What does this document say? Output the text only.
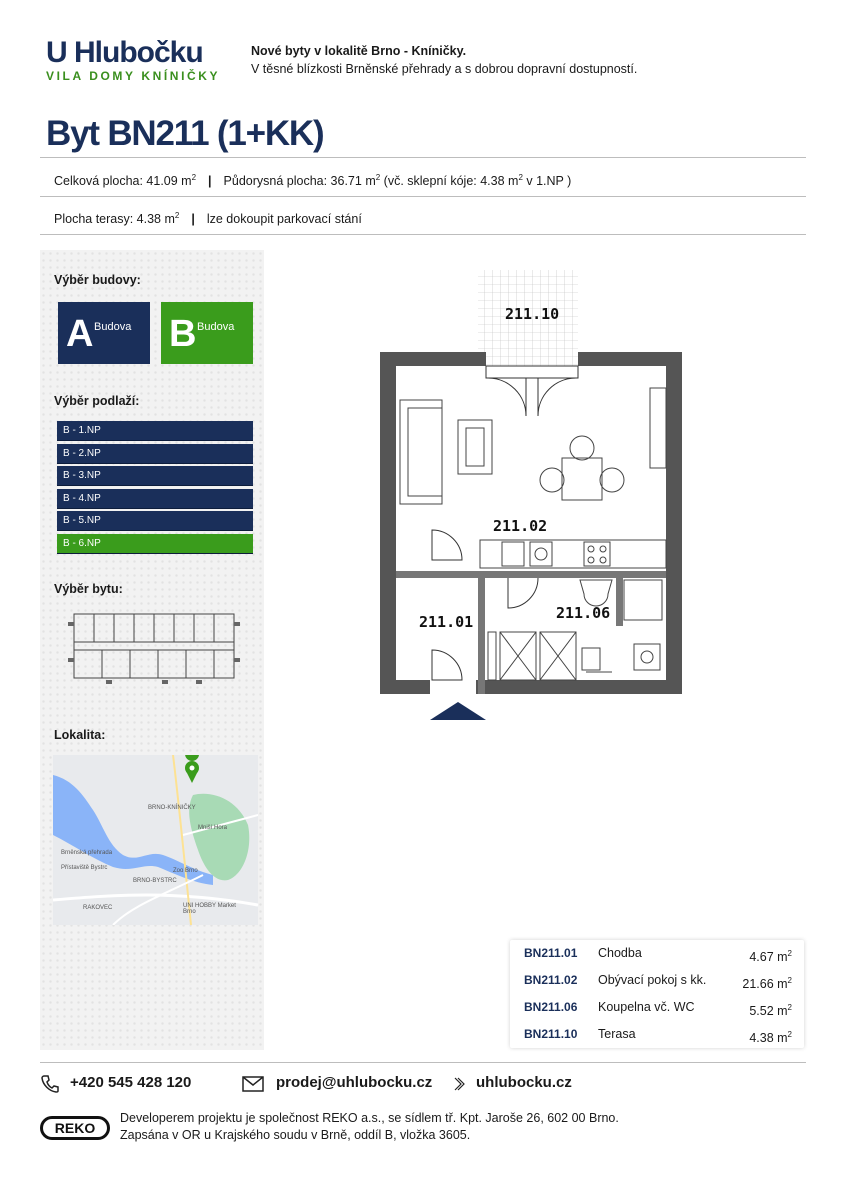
U Hlubočku
VILA DOMY KNÍNIČKY
Nové byty v lokalitě Brno - Kníničky.
V těsné blízkosti Brněnské přehrady a s dobrou dopravní dostupností.
Byt BN211 (1+KK)
Celková plocha: 41.09 $m^2$ | Půdorysná plocha: 36.71 $m^2$ (vč. sklepní kóje: 4.38 $m^2$ v 1.NP )
Plocha terasy: 4.38 $m^2$ | lze dokoupit parkovací stání
Výběr budovy:
A Budova B Budova
Výběr podlaží:
B - 1.NP
B - 2.NP
B - 3.NP
B - 4.NP
B - 5.NP
B - 6.NP
Výběr bytu:
Lokalita:
BRNO-KNÍNIČKY
Mniší Hora
Brněnská přehrada
Přístaviště Bystrc	Zoo Brno
BRNO-BYSTRC
RAKOVEC	UNI HOBBY Market Brno
211.10
211.02
211.01	211.06
BN211.01 Chodba	4.67 $m^2$
BN211.02 Obývací pokoj s kk.	21.66 $m^2$
BN211.06 Koupelna vč. WC	5.52 $m^2$
BN211.10 Terasa	4.38 $m^2$
+420 545 428 120	prodej@uhlubocku.cz	uhlubocku.cz
REKO
Developerem projektu je společnost REKO a.s., se sídlem tř. Kpt. Jaroše 26, 602 00 Brno.
Zapsána v OR u Krajského soudu v Brně, oddíl B, vložka 3605.
